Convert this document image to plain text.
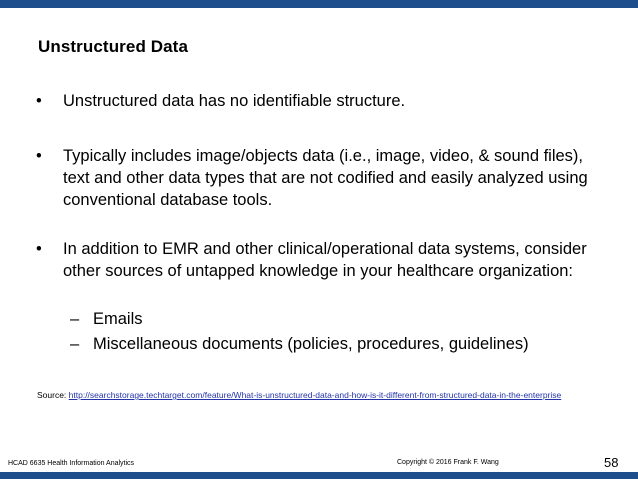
Unstructured Data
• Unstructured data has no identifiable structure.
• Typically includes image/objects data (i.e., image, video, & sound files), text and other data types that are not codified and easily analyzed using conventional database tools.
• In addition to EMR and other clinical/operational data systems, consider other sources of untapped knowledge in your healthcare organization:
– Emails
– Miscellaneous documents (policies, procedures, guidelines)
Source: http://searchstorage.techtarget.com/feature/What-is-unstructured-data-and-how-is-it-different-from-structured-data-in-the-enterprise
HCAD 6635 Health Information Analytics	Copyright © 2016 Frank F. Wang	58
